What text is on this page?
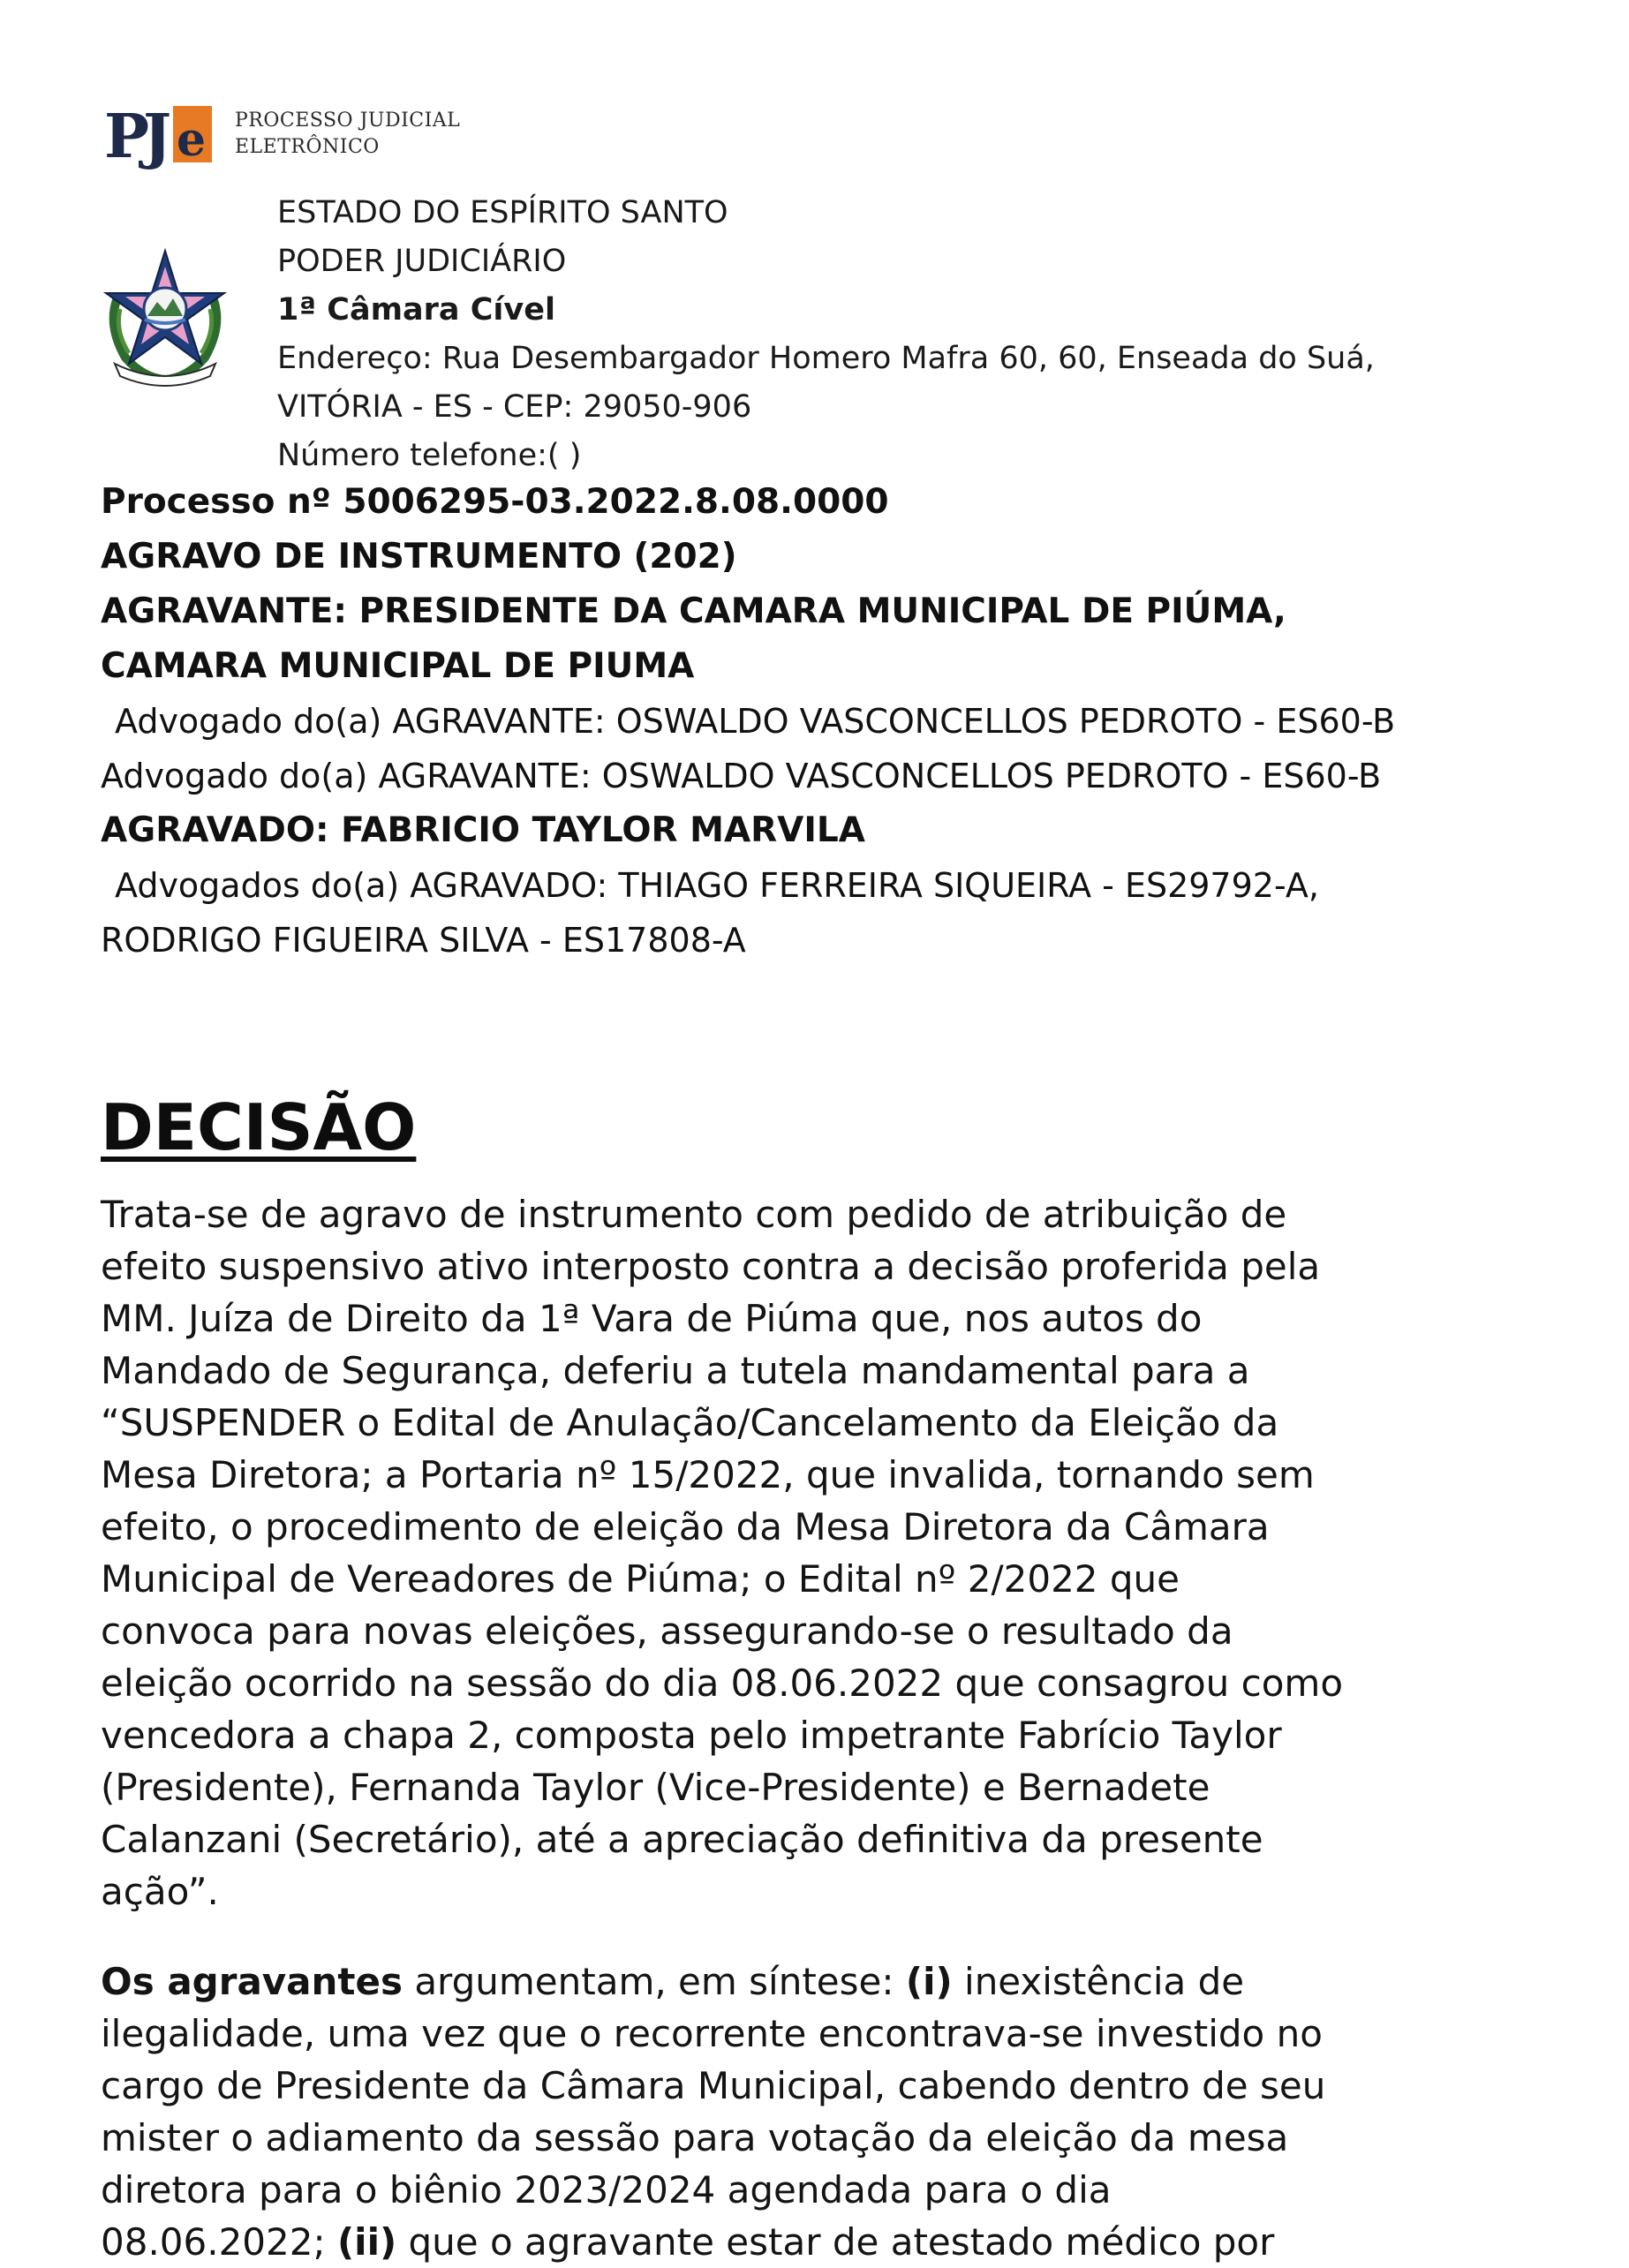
P
J e PROCESSO JUDICIAL
ELETRÔNICO
ESTADO DO ESPÍRITO SANTO
PODER JUDICIÁRIO
1ª Câmara Cível
Endereço: Rua Desembargador Homero Mafra 60, 60, Enseada do Suá,
VITÓRIA - ES - CEP: 29050-906
Número telefone:( )
Processo nº 5006295-03.2022.8.08.0000
AGRAVO DE INSTRUMENTO (202)
AGRAVANTE: PRESIDENTE DA CAMARA MUNICIPAL DE PIÚMA,
CAMARA MUNICIPAL DE PIUMA
Advogado do(a) AGRAVANTE: OSWALDO VASCONCELLOS PEDROTO - ES60-B
Advogado do(a) AGRAVANTE: OSWALDO VASCONCELLOS PEDROTO - ES60-B
AGRAVADO: FABRICIO TAYLOR MARVILA
Advogados do(a) AGRAVADO: THIAGO FERREIRA SIQUEIRA - ES29792-A,
RODRIGO FIGUEIRA SILVA - ES17808-A
DECISÃO
Trata-se de agravo de instrumento com pedido de atribuição de
efeito suspensivo ativo interposto contra a decisão proferida pela
MM. Juíza de Direito da 1ª Vara de Piúma que, nos autos do
Mandado de Segurança, deferiu a tutela mandamental para a
“SUSPENDER o Edital de Anulação/Cancelamento da Eleição da
Mesa Diretora; a Portaria nº 15/2022, que invalida, tornando sem
efeito, o procedimento de eleição da Mesa Diretora da Câmara
Municipal de Vereadores de Piúma; o Edital nº 2/2022 que
convoca para novas eleições, assegurando-se o resultado da
eleição ocorrido na sessão do dia 08.06.2022 que consagrou como
vencedora a chapa 2, composta pelo impetrante Fabrício Taylor
(Presidente), Fernanda Taylor (Vice-Presidente) e Bernadete
Calanzani (Secretário), até a apreciação definitiva da presente
ação”.
Os agravantes argumentam, em síntese: (i) inexistência de
ilegalidade, uma vez que o recorrente encontrava-se investido no
cargo de Presidente da Câmara Municipal, cabendo dentro de seu
mister o adiamento da sessão para votação da eleição da mesa
diretora para o biênio 2023/2024 agendada para o dia
08.06.2022; (ii) que o agravante estar de atestado médico por
